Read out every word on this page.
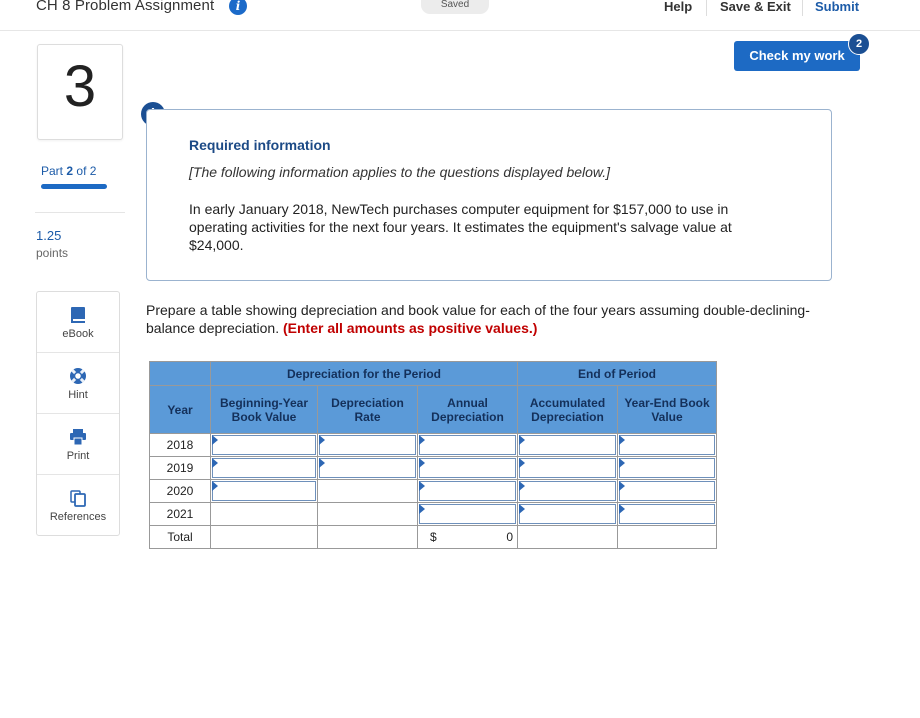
CH 8 Problem Assignment	i	Saved	Help Save & Exit Submit
Check my work
2
3
Part 2 of 2
1.25
points
eBook
Hint
Print
References
Required information
[The following information applies to the questions displayed below.]
In early January 2018, NewTech purchases computer equipment for $157,000 to use in operating activities for the next four years. It estimates the equipment's salvage value at $24,000.
Prepare a table showing depreciation and book value for each of the four years assuming double-declining-balance depreciation. (Enter all amounts as positive values.)
	Depreciation for the Period			End of Period	
Year	Beginning-Year Book Value	Depreciation Rate	Annual Depreciation	Accumulated Depreciation	Year-End Book Value
2018	

2019	

2020	

2021			

Total			$ 0		
